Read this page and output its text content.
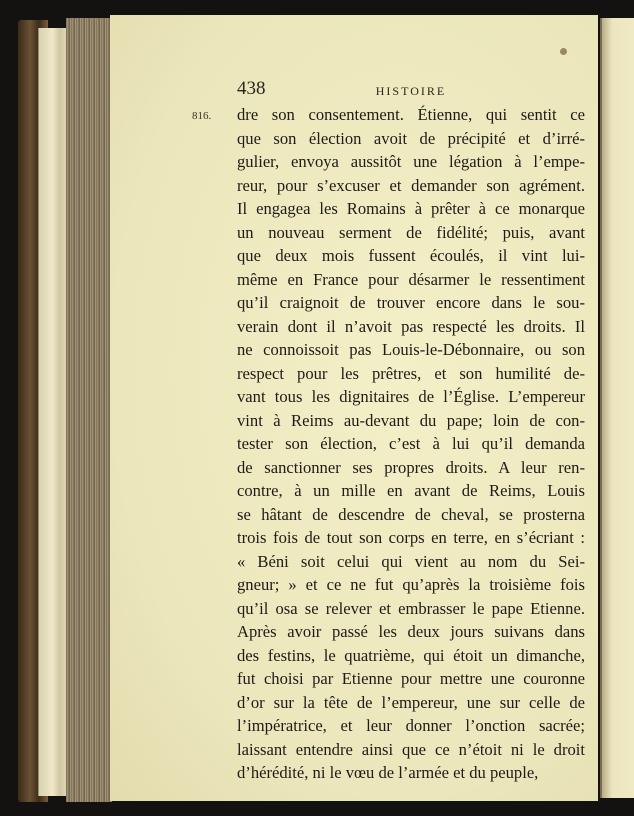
438	HISTOIRE
816. dre son consentement. Étienne, qui sentit ce
que son élection avoit de précipité et d’irré-
gulier, envoya aussitôt une légation à l’empe-
reur, pour s’excuser et demander son agrément.
Il engagea les Romains à prêter à ce monarque
un nouveau serment de fidélité; puis, avant
que deux mois fussent écoulés, il vint lui-
même en France pour désarmer le ressentiment
qu’il craignoit de trouver encore dans le sou-
verain dont il n’avoit pas respecté les droits. Il
ne connoissoit pas Louis-le-Débonnaire, ou son
respect pour les prêtres, et son humilité de-
vant tous les dignitaires de l’Église. L’empereur
vint à Reims au-devant du pape; loin de con-
tester son élection, c’est à lui qu’il demanda
de sanctionner ses propres droits. A leur ren-
contre, à un mille en avant de Reims, Louis
se hâtant de descendre de cheval, se prosterna
trois fois de tout son corps en terre, en s’écriant :
« Béni soit celui qui vient au nom du Sei-
gneur; » et ce ne fut qu’après la troisième fois
qu’il osa se relever et embrasser le pape Etienne.
Après avoir passé les deux jours suivans dans
des festins, le quatrième, qui étoit un dimanche,
fut choisi par Etienne pour mettre une couronne
d’or sur la tête de l’empereur, une sur celle de
l’impératrice, et leur donner l’onction sacrée;
laissant entendre ainsi que ce n’étoit ni le droit
d’hérédité, ni le vœu de l’armée et du peuple,
